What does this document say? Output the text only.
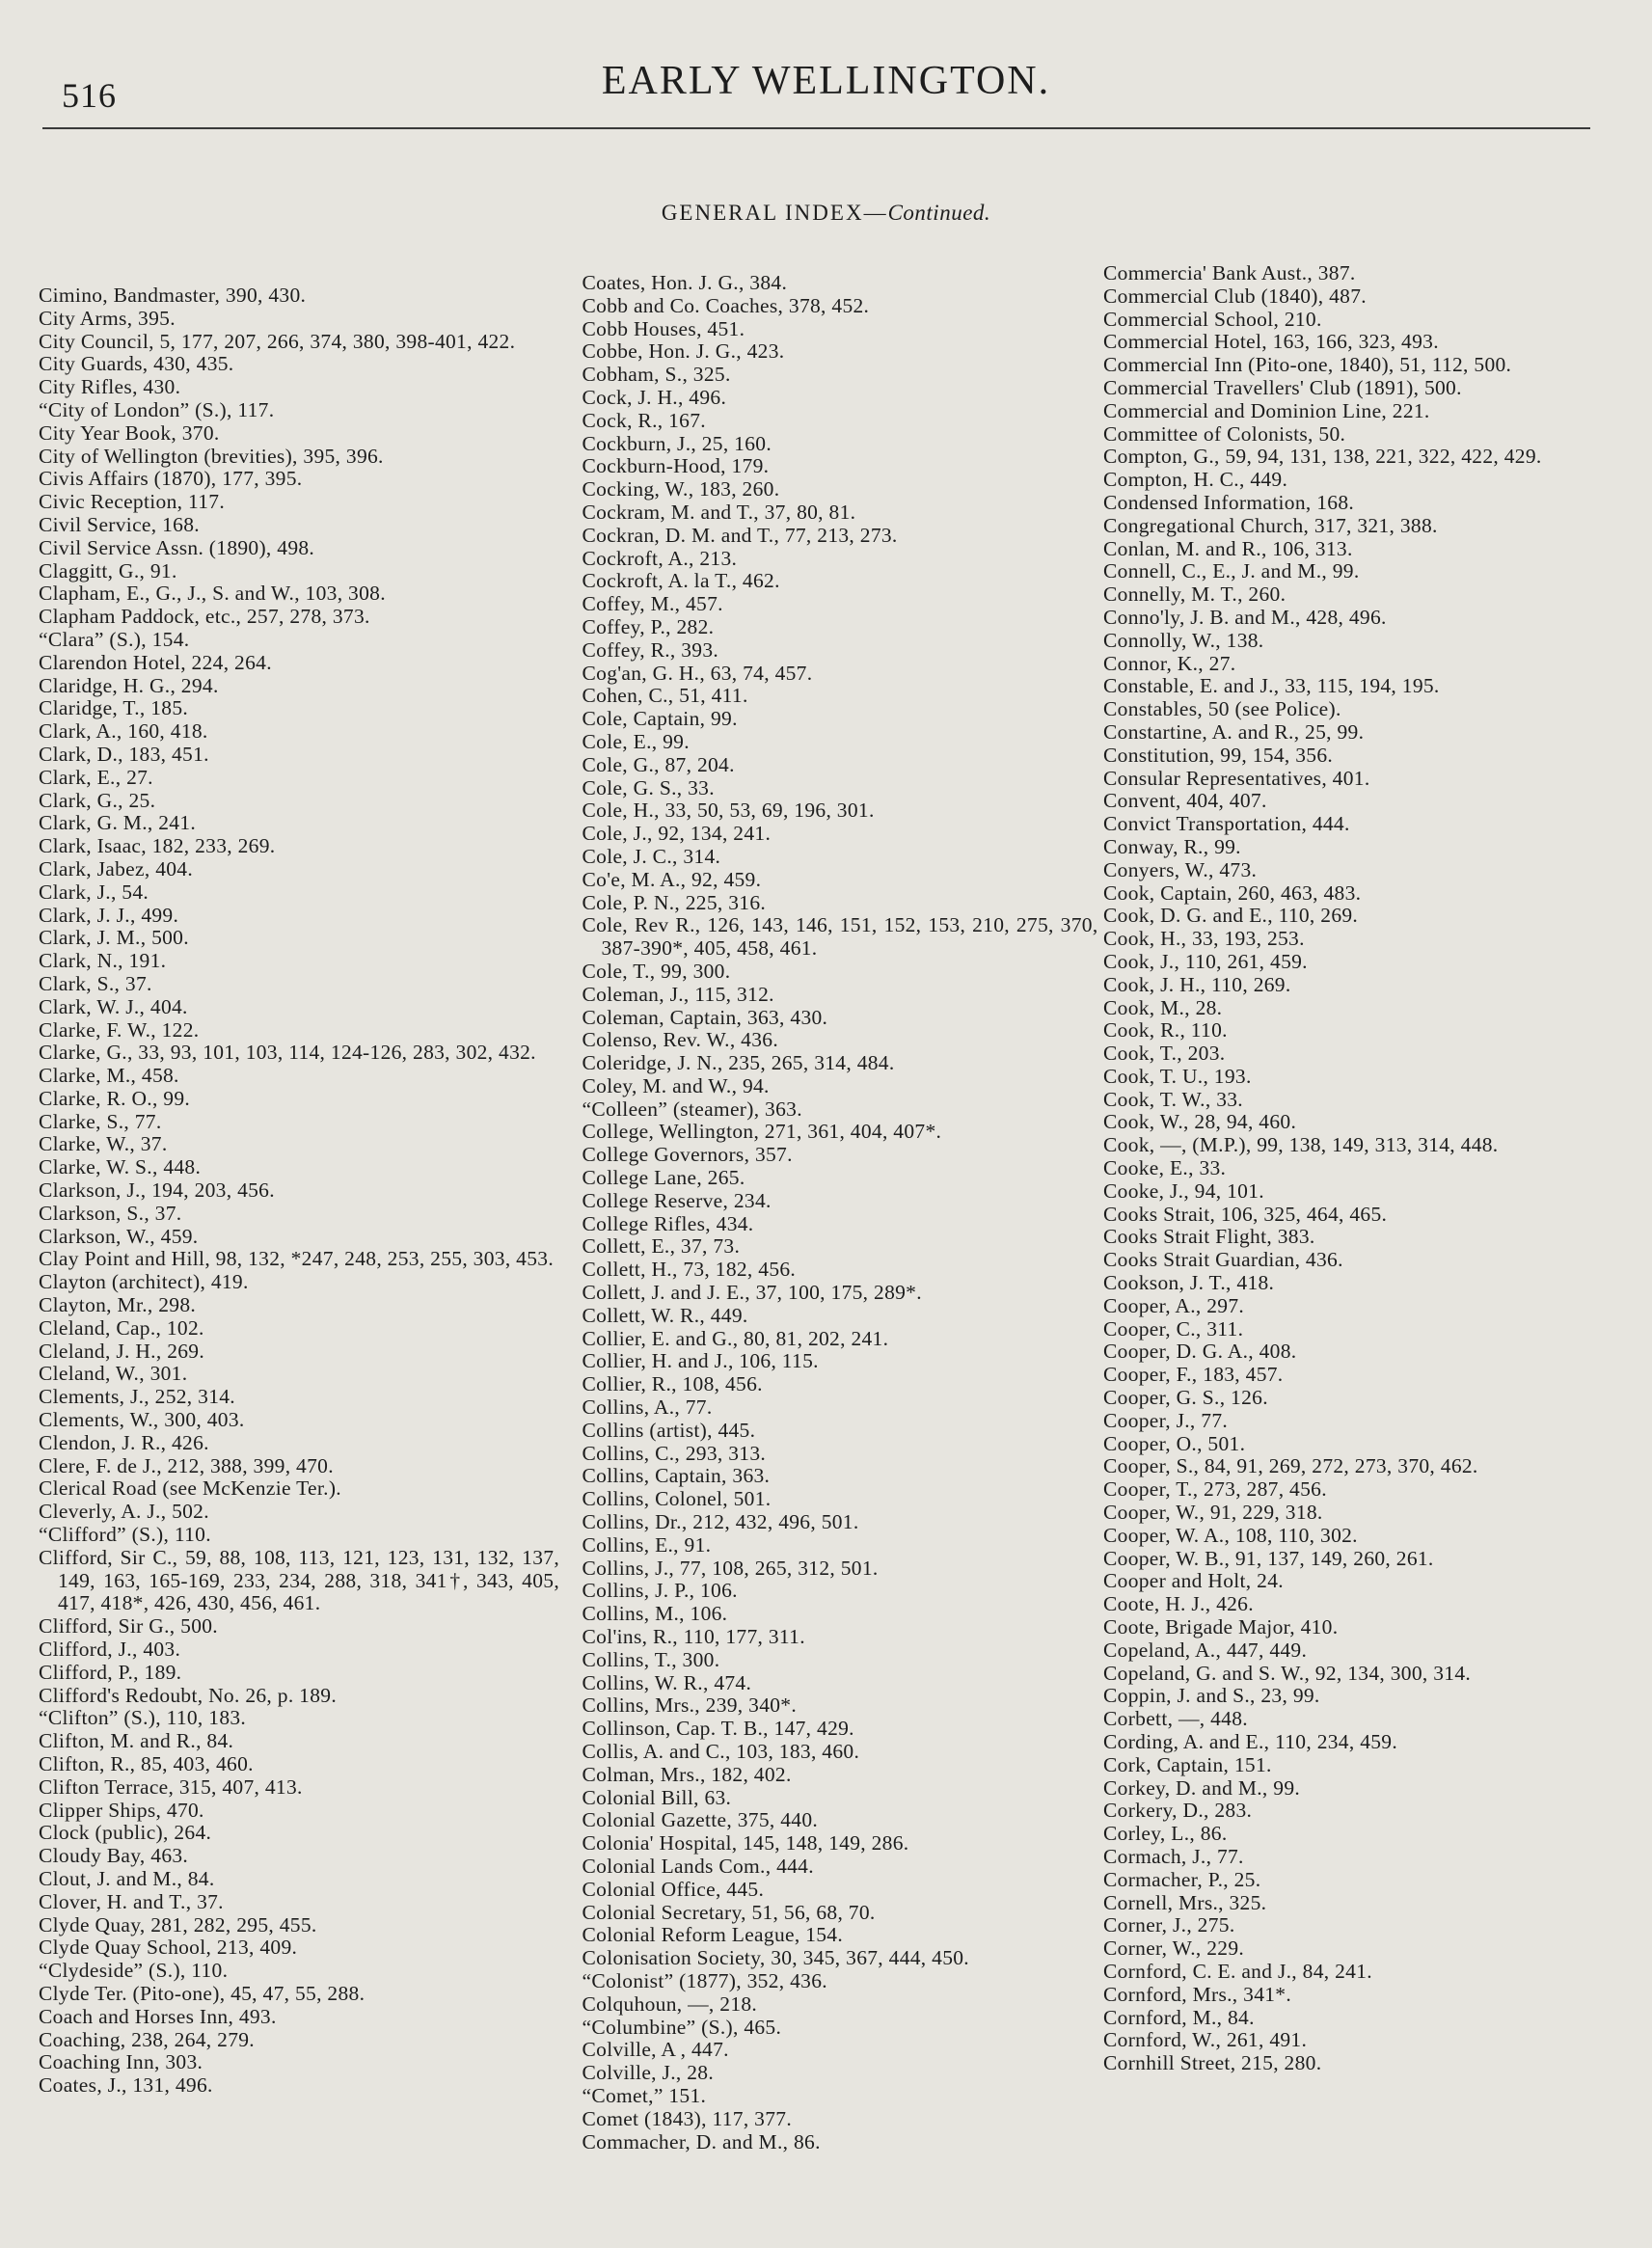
516	EARLY WELLINGTON.
GENERAL INDEX—Continued.
Cimino, Bandmaster, 390, 430.
City Arms, 395.
City Council, 5, 177, 207, 266, 374, 380, 398-401, 422.
City Guards, 430, 435.
City Rifles, 430.
“City of London” (S.), 117.
City Year Book, 370.
City of Wellington (brevities), 395, 396.
Civis Affairs (1870), 177, 395.
Civic Reception, 117.
Civil Service, 168.
Civil Service Assn. (1890), 498.
Claggitt, G., 91.
Clapham, E., G., J., S. and W., 103, 308.
Clapham Paddock, etc., 257, 278, 373.
“Clara” (S.), 154.
Clarendon Hotel, 224, 264.
Claridge, H. G., 294.
Claridge, T., 185.
Clark, A., 160, 418.
Clark, D., 183, 451.
Clark, E., 27.
Clark, G., 25.
Clark, G. M., 241.
Clark, Isaac, 182, 233, 269.
Clark, Jabez, 404.
Clark, J., 54.
Clark, J. J., 499.
Clark, J. M., 500.
Clark, N., 191.
Clark, S., 37.
Clark, W. J., 404.
Clarke, F. W., 122.
Clarke, G., 33, 93, 101, 103, 114, 124-126, 283, 302, 432.
Clarke, M., 458.
Clarke, R. O., 99.
Clarke, S., 77.
Clarke, W., 37.
Clarke, W. S., 448.
Clarkson, J., 194, 203, 456.
Clarkson, S., 37.
Clarkson, W., 459.
Clay Point and Hill, 98, 132, *247, 248, 253, 255, 303, 453.
Clayton (architect), 419.
Clayton, Mr., 298.
Cleland, Cap., 102.
Cleland, J. H., 269.
Cleland, W., 301.
Clements, J., 252, 314.
Clements, W., 300, 403.
Clendon, J. R., 426.
Clere, F. de J., 212, 388, 399, 470.
Clerical Road (see McKenzie Ter.).
Cleverly, A. J., 502.
“Clifford” (S.), 110.
Clifford, Sir C., 59, 88, 108, 113, 121, 123, 131, 132, 137, 149, 163, 165-169, 233, 234, 288, 318, 341†, 343, 405, 417, 418*, 426, 430, 456, 461.
Clifford, Sir G., 500.
Clifford, J., 403.
Clifford, P., 189.
Clifford's Redoubt, No. 26, p. 189.
“Clifton” (S.), 110, 183.
Clifton, M. and R., 84.
Clifton, R., 85, 403, 460.
Clifton Terrace, 315, 407, 413.
Clipper Ships, 470.
Clock (public), 264.
Cloudy Bay, 463.
Clout, J. and M., 84.
Clover, H. and T., 37.
Clyde Quay, 281, 282, 295, 455.
Clyde Quay School, 213, 409.
“Clydeside” (S.), 110.
Clyde Ter. (Pito-one), 45, 47, 55, 288.
Coach and Horses Inn, 493.
Coaching, 238, 264, 279.
Coaching Inn, 303.
Coates, J., 131, 496.
Coates, Hon. J. G., 384.
Cobb and Co. Coaches, 378, 452.
Cobb Houses, 451.
Cobbe, Hon. J. G., 423.
Cobham, S., 325.
Cock, J. H., 496.
Cock, R., 167.
Cockburn, J., 25, 160.
Cockburn-Hood, 179.
Cocking, W., 183, 260.
Cockram, M. and T., 37, 80, 81.
Cockran, D. M. and T., 77, 213, 273.
Cockroft, A., 213.
Cockroft, A. la T., 462.
Coffey, M., 457.
Coffey, P., 282.
Coffey, R., 393.
Cog'an, G. H., 63, 74, 457.
Cohen, C., 51, 411.
Cole, Captain, 99.
Cole, E., 99.
Cole, G., 87, 204.
Cole, G. S., 33.
Cole, H., 33, 50, 53, 69, 196, 301.
Cole, J., 92, 134, 241.
Cole, J. C., 314.
Co'e, M. A., 92, 459.
Cole, P. N., 225, 316.
Cole, Rev R., 126, 143, 146, 151, 152, 153, 210, 275, 370, 387-390*, 405, 458, 461.
Cole, T., 99, 300.
Coleman, J., 115, 312.
Coleman, Captain, 363, 430.
Colenso, Rev. W., 436.
Coleridge, J. N., 235, 265, 314, 484.
Coley, M. and W., 94.
“Colleen” (steamer), 363.
College, Wellington, 271, 361, 404, 407*.
College Governors, 357.
College Lane, 265.
College Reserve, 234.
College Rifles, 434.
Collett, E., 37, 73.
Collett, H., 73, 182, 456.
Collett, J. and J. E., 37, 100, 175, 289*.
Collett, W. R., 449.
Collier, E. and G., 80, 81, 202, 241.
Collier, H. and J., 106, 115.
Collier, R., 108, 456.
Collins, A., 77.
Collins (artist), 445.
Collins, C., 293, 313.
Collins, Captain, 363.
Collins, Colonel, 501.
Collins, Dr., 212, 432, 496, 501.
Collins, E., 91.
Collins, J., 77, 108, 265, 312, 501.
Collins, J. P., 106.
Collins, M., 106.
Col'ins, R., 110, 177, 311.
Collins, T., 300.
Collins, W. R., 474.
Collins, Mrs., 239, 340*.
Collinson, Cap. T. B., 147, 429.
Collis, A. and C., 103, 183, 460.
Colman, Mrs., 182, 402.
Colonial Bill, 63.
Colonial Gazette, 375, 440.
Colonia' Hospital, 145, 148, 149, 286.
Colonial Lands Com., 444.
Colonial Office, 445.
Colonial Secretary, 51, 56, 68, 70.
Colonial Reform League, 154.
Colonisation Society, 30, 345, 367, 444, 450.
“Colonist” (1877), 352, 436.
Colquhoun, —, 218.
“Columbine” (S.), 465.
Colville, A , 447.
Colville, J., 28.
“Comet,” 151.
Comet (1843), 117, 377.
Commacher, D. and M., 86.
Commercia' Bank Aust., 387.
Commercial Club (1840), 487.
Commercial School, 210.
Commercial Hotel, 163, 166, 323, 493.
Commercial Inn (Pito-one, 1840), 51, 112, 500.
Commercial Travellers' Club (1891), 500.
Commercial and Dominion Line, 221.
Committee of Colonists, 50.
Compton, G., 59, 94, 131, 138, 221, 322, 422, 429.
Compton, H. C., 449.
Condensed Information, 168.
Congregational Church, 317, 321, 388.
Conlan, M. and R., 106, 313.
Connell, C., E., J. and M., 99.
Connelly, M. T., 260.
Conno'ly, J. B. and M., 428, 496.
Connolly, W., 138.
Connor, K., 27.
Constable, E. and J., 33, 115, 194, 195.
Constables, 50 (see Police).
Constartine, A. and R., 25, 99.
Constitution, 99, 154, 356.
Consular Representatives, 401.
Convent, 404, 407.
Convict Transportation, 444.
Conway, R., 99.
Conyers, W., 473.
Cook, Captain, 260, 463, 483.
Cook, D. G. and E., 110, 269.
Cook, H., 33, 193, 253.
Cook, J., 110, 261, 459.
Cook, J. H., 110, 269.
Cook, M., 28.
Cook, R., 110.
Cook, T., 203.
Cook, T. U., 193.
Cook, T. W., 33.
Cook, W., 28, 94, 460.
Cook, —, (M.P.), 99, 138, 149, 313, 314, 448.
Cooke, E., 33.
Cooke, J., 94, 101.
Cooks Strait, 106, 325, 464, 465.
Cooks Strait Flight, 383.
Cooks Strait Guardian, 436.
Cookson, J. T., 418.
Cooper, A., 297.
Cooper, C., 311.
Cooper, D. G. A., 408.
Cooper, F., 183, 457.
Cooper, G. S., 126.
Cooper, J., 77.
Cooper, O., 501.
Cooper, S., 84, 91, 269, 272, 273, 370, 462.
Cooper, T., 273, 287, 456.
Cooper, W., 91, 229, 318.
Cooper, W. A., 108, 110, 302.
Cooper, W. B., 91, 137, 149, 260, 261.
Cooper and Holt, 24.
Coote, H. J., 426.
Coote, Brigade Major, 410.
Copeland, A., 447, 449.
Copeland, G. and S. W., 92, 134, 300, 314.
Coppin, J. and S., 23, 99.
Corbett, —, 448.
Cording, A. and E., 110, 234, 459.
Cork, Captain, 151.
Corkey, D. and M., 99.
Corkery, D., 283.
Corley, L., 86.
Cormach, J., 77.
Cormacher, P., 25.
Cornell, Mrs., 325.
Corner, J., 275.
Corner, W., 229.
Cornford, C. E. and J., 84, 241.
Cornford, Mrs., 341*.
Cornford, M., 84.
Cornford, W., 261, 491.
Cornhill Street, 215, 280.
